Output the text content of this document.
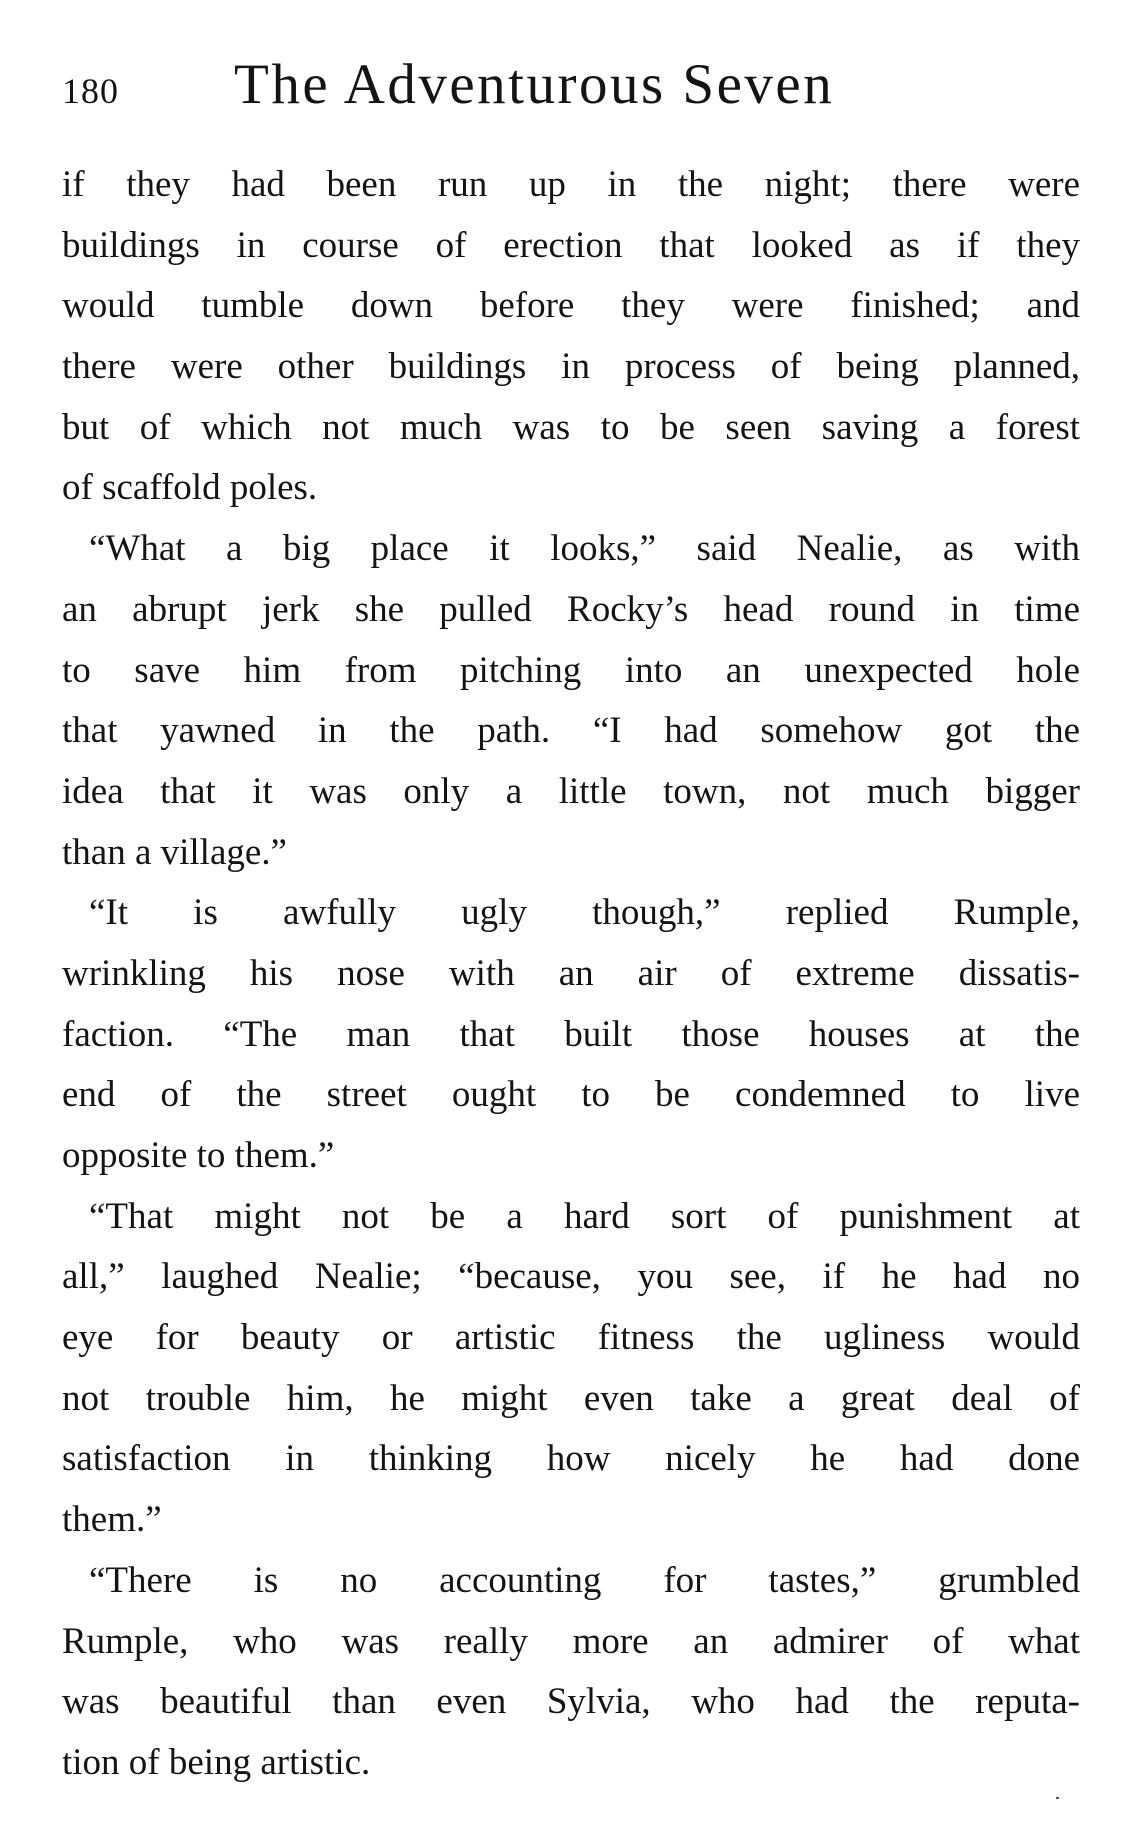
180 The Adventurous Seven
if they had been run up in the night; there were
buildings in course of erection that looked as if they
would tumble down before they were finished; and
there were other buildings in process of being planned,
but of which not much was to be seen saving a forest
of scaffold poles.
“What a big place it looks,” said Nealie, as with
an abrupt jerk she pulled Rocky’s head round in time
to save him from pitching into an unexpected hole
that yawned in the path. “I had somehow got the
idea that it was only a little town, not much bigger
than a village.”
“It is awfully ugly though,” replied Rumple,
wrinkling his nose with an air of extreme dissatis-
faction. “The man that built those houses at the
end of the street ought to be condemned to live
opposite to them.”
“That might not be a hard sort of punishment at
all,” laughed Nealie; “because, you see, if he had no
eye for beauty or artistic fitness the ugliness would
not trouble him, he might even take a great deal of
satisfaction in thinking how nicely he had done
them.”
“There is no accounting for tastes,” grumbled
Rumple, who was really more an admirer of what
was beautiful than even Sylvia, who had the reputa-
tion of being artistic.
